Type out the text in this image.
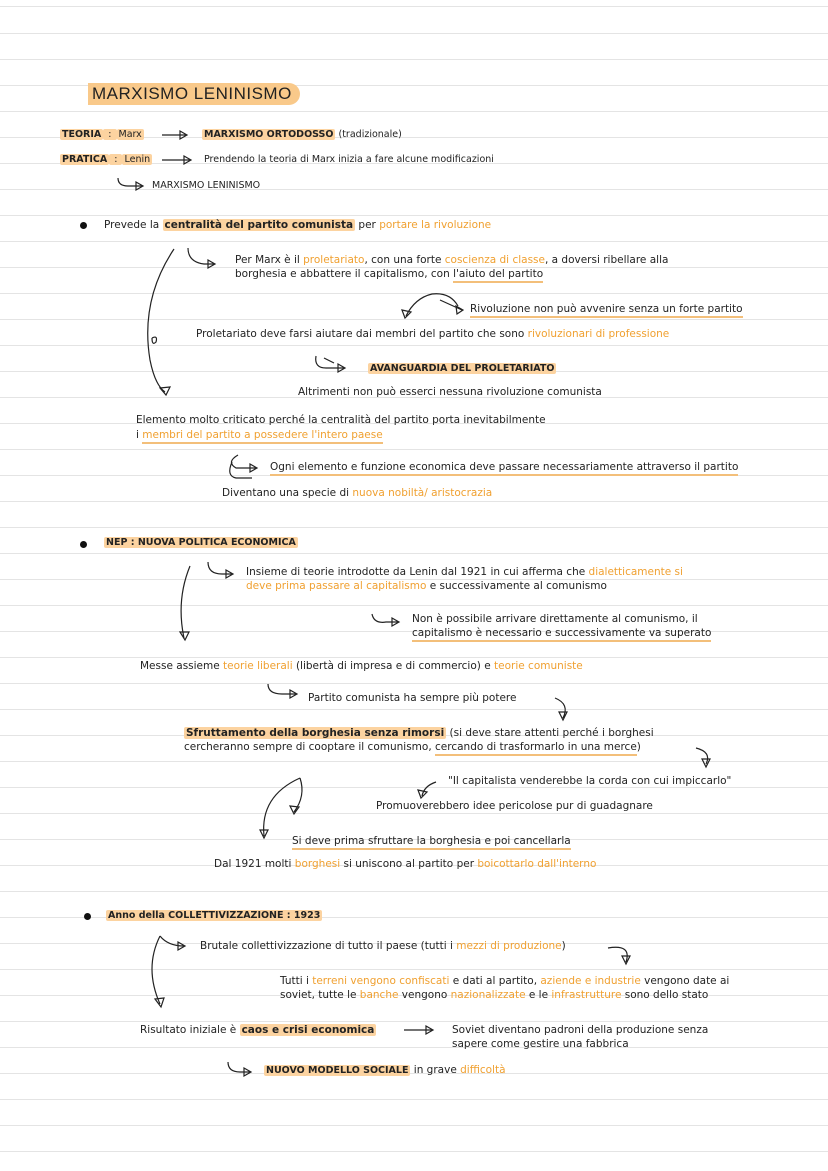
MARXISMO LENINISMO
TEORIA : Marx	MARXISMO ORTODOSSO (tradizionale)
PRATICA : Lenin	Prendendo la teoria di Marx inizia a fare alcune modificazioni
MARXISMO LENINISMO
Prevede la centralità del partito comunista per portare la rivoluzione
Per Marx è il proletariato, con una forte coscienza di classe, a doversi ribellare alla
borghesia e abbattere il capitalismo, con l'aiuto del partito
Rivoluzione non può avvenire senza un forte partito
Proletariato deve farsi aiutare dai membri del partito che sono rivoluzionari di professione
AVANGUARDIA DEL PROLETARIATO
Altrimenti non può esserci nessuna rivoluzione comunista
Elemento molto criticato perché la centralità del partito porta inevitabilmente
i membri del partito a possedere l'intero paese
Ogni elemento e funzione economica deve passare necessariamente attraverso il partito
Diventano una specie di nuova nobiltà/ aristocrazia
NEP : NUOVA POLITICA ECONOMICA
Insieme di teorie introdotte da Lenin dal 1921 in cui afferma che dialetticamente si
deve prima passare al capitalismo e successivamente al comunismo
Non è possibile arrivare direttamente al comunismo, il
capitalismo è necessario e successivamente va superato
Messe assieme teorie liberali (libertà di impresa e di commercio) e teorie comuniste
Partito comunista ha sempre più potere
Sfruttamento della borghesia senza rimorsi (si deve stare attenti perché i borghesi
cercheranno sempre di cooptare il comunismo, cercando di trasformarlo in una merce)
"Il capitalista venderebbe la corda con cui impiccarlo"
Promuoverebbero idee pericolose pur di guadagnare
Si deve prima sfruttare la borghesia e poi cancellarla
Dal 1921 molti borghesi si uniscono al partito per boicottarlo dall'interno
Anno della COLLETTIVIZZAZIONE : 1923
Brutale collettivizzazione di tutto il paese (tutti i mezzi di produzione)
Tutti i terreni vengono confiscati e dati al partito, aziende e industrie vengono date ai
soviet, tutte le banche vengono nazionalizzate e le infrastrutture sono dello stato
Risultato iniziale è caos e crisi economica	Soviet diventano padroni della produzione senza
sapere come gestire una fabbrica
NUOVO MODELLO SOCIALE in grave difficoltà
